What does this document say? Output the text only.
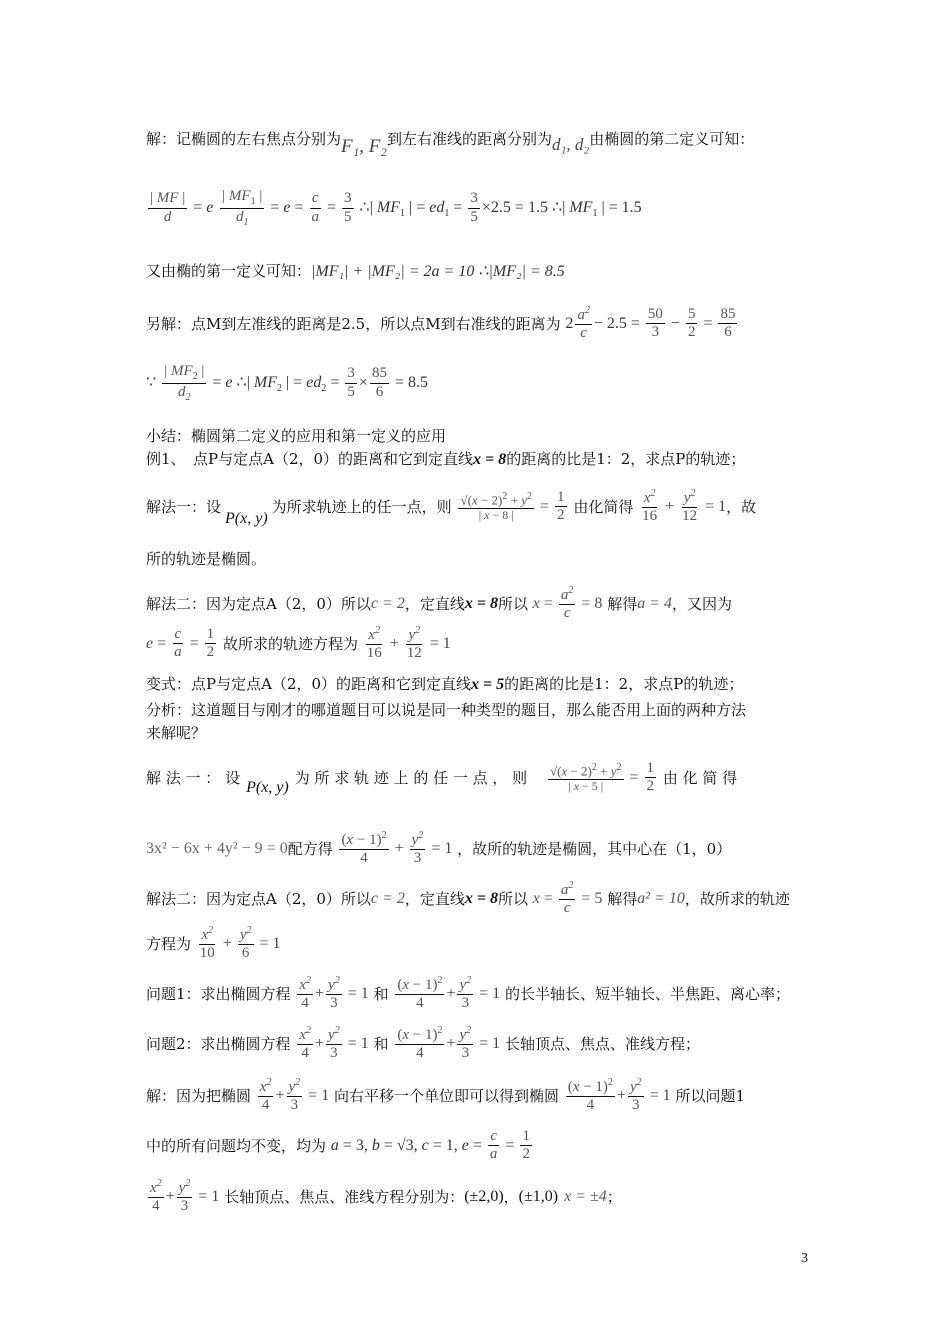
解：记椭圆的左右焦点分别为F₁, F₂到左右准线的距离分别为d₁, d₂由椭圆的第二定义可知：
$\frac{| MF |}{d} = e \frac{| MF_1 |}{d_1} = e = \frac{c}{a} = \frac{3}{5}$ ∴| $MF_1$ | = $ed_1 = \frac{3}{5} \times 2.5 = 1.5$ ∴| $MF_1$ | = 1.5
又由椭的第一定义可知：|MF₁| + |MF₂| = 2a = 10 ∴|MF₂| = 8.5
另解：点M到左准线的距离是2.5，所以点M到右准线的距离为 $2 \frac{a^2}{c} - 2.5 = \frac{50}{3} - \frac{5}{2} = \frac{85}{6}$
∵ $\frac{| MF_2 |}{d_2} = e$ ∴| $MF_2$ | = $ed_2 = \frac{3}{5} \times \frac{85}{6} = 8.5$
小结：椭圆第二定义的应用和第一定义的应用
例1、　点P与定点A（2，0）的距离和它到定直线x = 8的距离的比是1：2，求点P的轨迹；
解法一：设P(x, y)为所求轨迹上的任一点，则 $\frac{√(x - 2)^2 + y^2}{| x - 8 |} = \frac{1}{2}$ 由化简得 $\frac{x^2}{16} + \frac{y^2}{12} = 1$，故
所的轨迹是椭圆。
解法二：因为定点A（2，0）所以c = 2，定直线x = 8所以 $x = \frac{a^2}{c} = 8$ 解得a = 4，又因为
$e = \frac{c}{a} = \frac{1}{2}$ 故所求的轨迹方程为 $\frac{x^2}{16} + \frac{y^2}{12} = 1$
变式：点P与定点A（2，0）的距离和它到定直线x = 5的距离的比是1：2，求点P的轨迹；
分析：这道题目与刚才的哪道题目可以说是同一种类型的题目，那么能否用上面的两种方法
来解呢？
解 法 一 ： 设P(x, y)为 所 求 轨 迹 上 的 任 一 点 ， 则 $\frac{√(x - 2)^2 + y^2}{| x - 5 |} = \frac{1}{2}$ 由 化 简 得
3x² − 6x + 4y² − 9 = 0配方得 $\frac{(x - 1)^2}{4} + \frac{y^2}{3} = 1$ ，故所的轨迹是椭圆，其中心在（1，0）
解法二：因为定点A（2，0）所以c = 2，定直线x = 8所以 $x = \frac{a^2}{c} = 5$ 解得a² = 10，故所求的轨迹
方程为 $\frac{x^2}{10} + \frac{y^2}{6} = 1$
问题1：求出椭圆方程 $\frac{x^2}{4} + \frac{y^2}{3} = 1$ 和 $\frac{(x - 1)^2}{4} + \frac{y^2}{3} = 1$ 的长半轴长、短半轴长、半焦距、离心率；
问题2：求出椭圆方程 $\frac{x^2}{4} + \frac{y^2}{3} = 1$ 和 $\frac{(x - 1)^2}{4} + \frac{y^2}{3} = 1$ 长轴顶点、焦点、准线方程；
解：因为把椭圆 $\frac{x^2}{4} + \frac{y^2}{3} = 1$ 向右平移一个单位即可以得到椭圆 $\frac{(x - 1)^2}{4} + \frac{y^2}{3} = 1$ 所以问题1
中的所有问题均不变，均为 a = 3, b = √3, c = 1, $e = \frac{c}{a} = \frac{1}{2}$
$\frac{x^2}{4} + \frac{y^2}{3} = 1$ 长轴顶点、焦点、准线方程分别为：(±2,0)，(±1,0) x = ±4；
3
